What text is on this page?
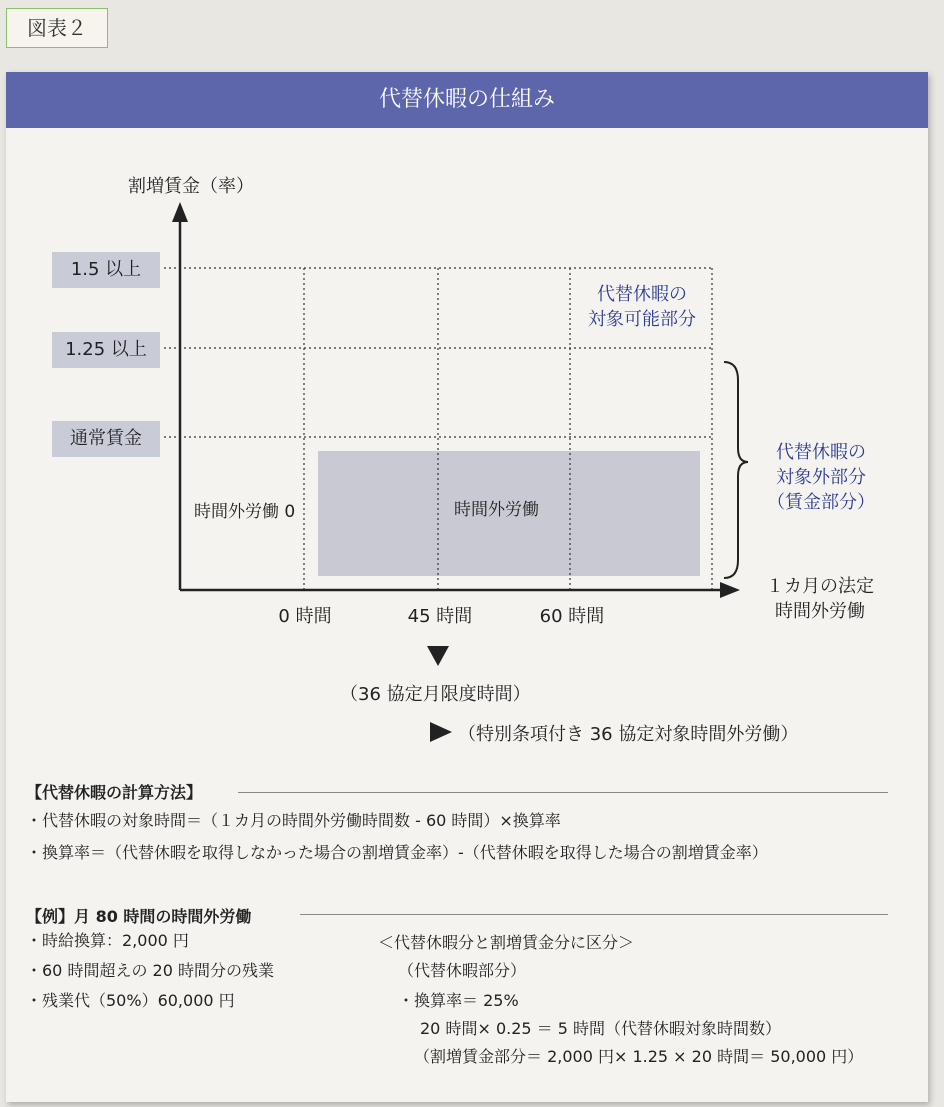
図表２
代替休暇の仕組み
割増賃金（率）
1.5 以上
1.25 以上
通常賃金
時間外労働 0	時間外労働
代替休暇の
対象可能部分
代替休暇の
対象外部分
（賃金部分）
１カ月の法定
時間外労働
0 時間	45 時間	60 時間
（36 協定月限度時間）
（特別条項付き 36 協定対象時間外労働）
【代替休暇の計算方法】
・代替休暇の対象時間＝（１カ月の時間外労働時間数 - 60 時間）×換算率
・換算率＝（代替休暇を取得しなかった場合の割増賃金率）-（代替休暇を取得した場合の割増賃金率）
【例】月 80 時間の時間外労働
・時給換算：2,000 円
・60 時間超えの 20 時間分の残業
・残業代（50%）60,000 円
＜代替休暇分と割増賃金分に区分＞
（代替休暇部分）
・換算率＝ 25%
20 時間× 0.25 ＝ 5 時間（代替休暇対象時間数）
（割増賃金部分＝ 2,000 円× 1.25 × 20 時間＝ 50,000 円）
